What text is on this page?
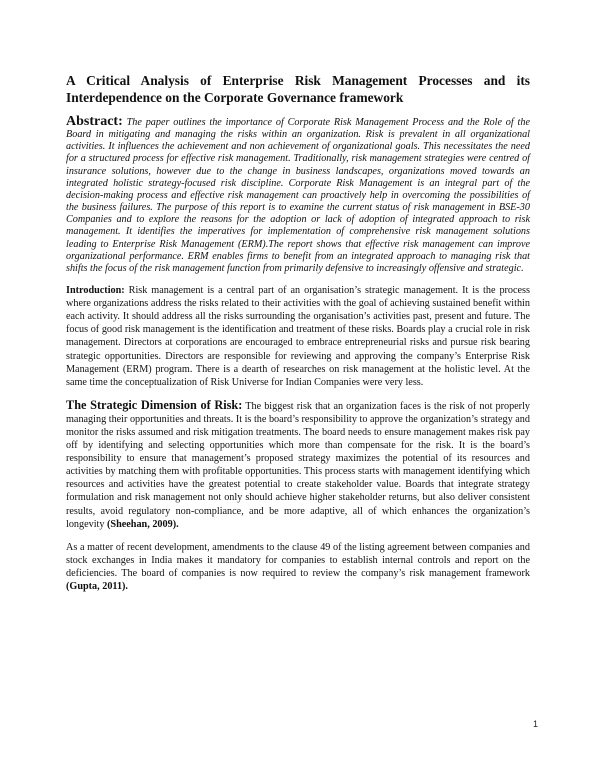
A Critical Analysis of Enterprise Risk Management Processes and its Interdependence on the Corporate Governance framework
Abstract: The paper outlines the importance of Corporate Risk Management Process and the Role of the Board in mitigating and managing the risks within an organization. Risk is prevalent in all organizational activities. It influences the achievement and non achievement of organizational goals. This necessitates the need for a structured process for effective risk management. Traditionally, risk management strategies were centred of insurance solutions, however due to the change in business landscapes, organizations moved towards an integrated holistic strategy-focused risk discipline. Corporate Risk Management is an integral part of the decision-making process and effective risk management can proactively help in overcoming the possibilities of the business failures. The purpose of this report is to examine the current status of risk management in BSE-30 Companies and to explore the reasons for the adoption or lack of adoption of integrated approach to risk management. It identifies the imperatives for implementation of comprehensive risk management solutions leading to Enterprise Risk Management (ERM).The report shows that effective risk management can improve organizational performance. ERM enables firms to benefit from an integrated approach to managing risk that shifts the focus of the risk management function from primarily defensive to increasingly offensive and strategic.
Introduction: Risk management is a central part of an organisation’s strategic management. It is the process where organizations address the risks related to their activities with the goal of achieving sustained benefit within each activity. It should address all the risks surrounding the organisation’s activities past, present and future. The focus of good risk management is the identification and treatment of these risks. Boards play a crucial role in risk management. Directors at corporations are encouraged to embrace entrepreneurial risks and pursue risk bearing strategic opportunities. Directors are responsible for reviewing and approving the company’s Enterprise Risk Management (ERM) program. There is a dearth of researches on risk management at the holistic level. At the same time the conceptualization of Risk Universe for Indian Companies were very less.
The Strategic Dimension of Risk: The biggest risk that an organization faces is the risk of not properly managing their opportunities and threats. It is the board’s responsibility to approve the organization’s strategy and monitor the risks assumed and risk mitigation treatments. The board needs to ensure management makes risk pay off by identifying and selecting opportunities which more than compensate for the risk. It is the board’s responsibility to ensure that management’s proposed strategy maximizes the potential of its resources and activities by matching them with profitable opportunities. This process starts with management identifying which resources and activities have the greatest potential to create stakeholder value. Boards that integrate strategy formulation and risk management not only should achieve higher stakeholder returns, but also deliver consistent results, avoid regulatory non-compliance, and be more adaptive, all of which enhances the organization’s longevity (Sheehan, 2009).
As a matter of recent development, amendments to the clause 49 of the listing agreement between companies and stock exchanges in India makes it mandatory for companies to establish internal controls and report on the deficiencies. The board of companies is now required to review the company’s risk management framework (Gupta, 2011).
1
